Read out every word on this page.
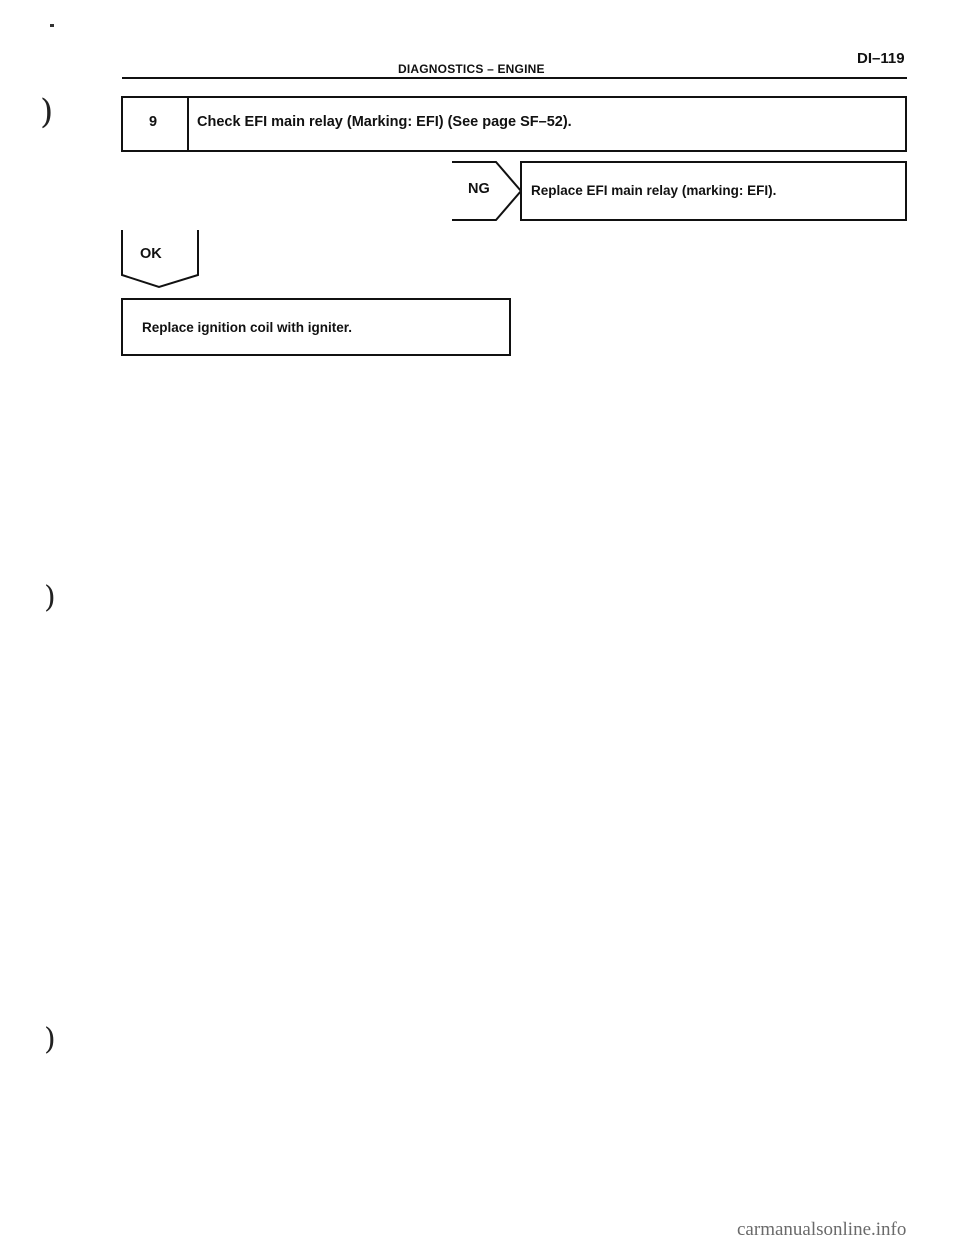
)
)
)
DIAGNOSTICS – ENGINE
DI–119
9	Check EFI main relay (Marking: EFI) (See page SF–52).
NG	Replace EFI main relay (marking: EFI).
OK
Replace ignition coil with igniter.
carmanualsonline.info
